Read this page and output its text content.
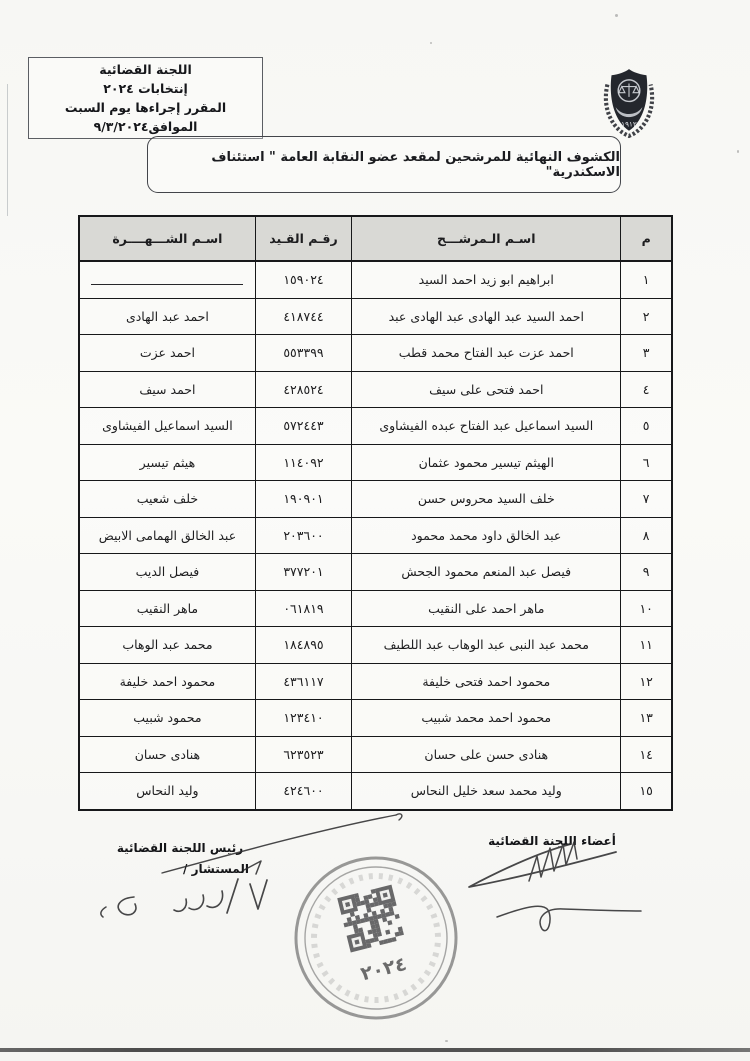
اللجنة القضائية
إنتخابات ٢٠٢٤
المقرر إجراءها يوم السبت
الموافق٩/٣/٢٠٢٤	١٩١٢
الكشوف النهائية للمرشحين لمقعد عضو النقابة العامة " استئناف الاسكندرية"
م
اسـم الـمرشـــح
رقـم القـيد
اسـم الشـــهــــرة
١
ابراهيم ابو زيد احمد السيد
١٥٩٠٢٤
٢
احمد السيد عبد الهادى عبد الهادى عبد
٤١٨٧٤٤
احمد عبد الهادى
٣
احمد عزت عبد الفتاح محمد قطب
٥٥٣٣٩٩
احمد عزت
٤
احمد فتحى على سيف
٤٢٨٥٢٤
احمد سيف
٥
السيد اسماعيل عبد الفتاح عبده الفيشاوى
٥٧٢٤٤٣
السيد اسماعيل الفيشاوى
٦
الهيثم تيسير محمود عثمان
١١٤٠٩٢
هيثم تيسير
٧
خلف السيد محروس حسن
١٩٠٩٠١
خلف شعيب
٨
عبد الخالق داود محمد محمود
٢٠٣٦٠٠
عبد الخالق الهمامى الابيض
٩
فيصل عبد المنعم محمود الجحش
٣٧٧٢٠١
فيصل الديب
١٠
ماهر احمد على النقيب
٠٦١٨١٩
ماهر النقيب
١١
محمد عبد النبى عبد الوهاب عبد اللطيف
١٨٤٨٩٥
محمد عبد الوهاب
١٢
محمود احمد فتحى خليفة
٤٣٦١١٧
محمود احمد خليفة
١٣
محمود احمد محمد شبيب
١٢٣٤١٠
محمود شبيب
١٤
هنادى حسن على حسان
٦٢٣٥٢٣
هنادى حسان
١٥
وليد محمد سعد خليل النحاس
٤٢٤٦٠٠
وليد النحاس
أعضاء اللجنة القضائية
رئيس اللجنة القضائية
المستشار /
٢٠٢٤
